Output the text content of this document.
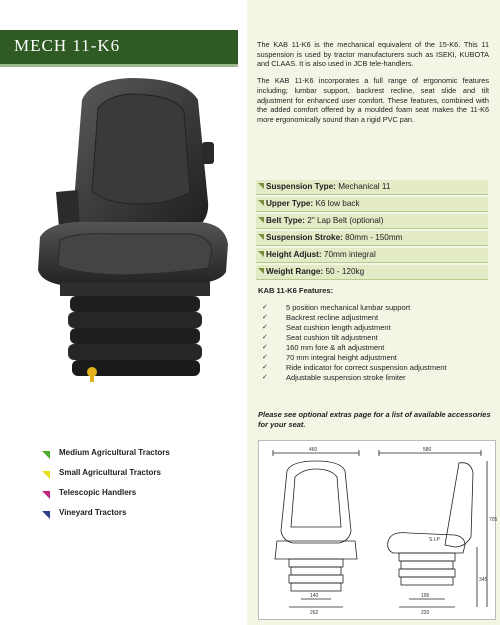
MECH 11-K6
Medium Agricultural Tractors
Small Agricultural Tractors
Telescopic Handlers
Vineyard Tractors

The KAB 11-K6 is the mechanical equivalent of the 15-K6. This 11 suspension is used by tractor manufacturers such as ISEKI, KUBOTA and CLAAS. It is also used in JCB tele-handlers.

The KAB 11-K6 incorporates a full range of ergonomic features including; lumbar support, backrest recline, seat slide and tilt adjustment for enhanced user comfort. These features, combined with the added comfort offered by a moulded foam seat makes the 11-K6 more ergonomically sound than a rigid PVC pan.

Suspension Type: Mechanical 11
Upper Type: K6 low back
Belt Type: 2" Lap Belt (optional)
Suspension Stroke: 80mm - 150mm
Height Adjust: 70mm integral
Weight Range: 50 - 120kg
KAB 11-K6 Features:
✓ 5 position mechanical lumbar support
✓ Backrest recline adjustment
✓ Seat cushion length adjustment
✓ Seat cushion tilt adjustment
✓ 160 mm fore & aft adjustment
✓ 70 mm integral height adjustment
✓ Ride indicator for correct suspension adjustment
✓ Adjustable suspension stroke limiter
Please see optional extras page for a list of available accessories for your seat.
460
140
262
580
705
345
S.I.P
195
220
